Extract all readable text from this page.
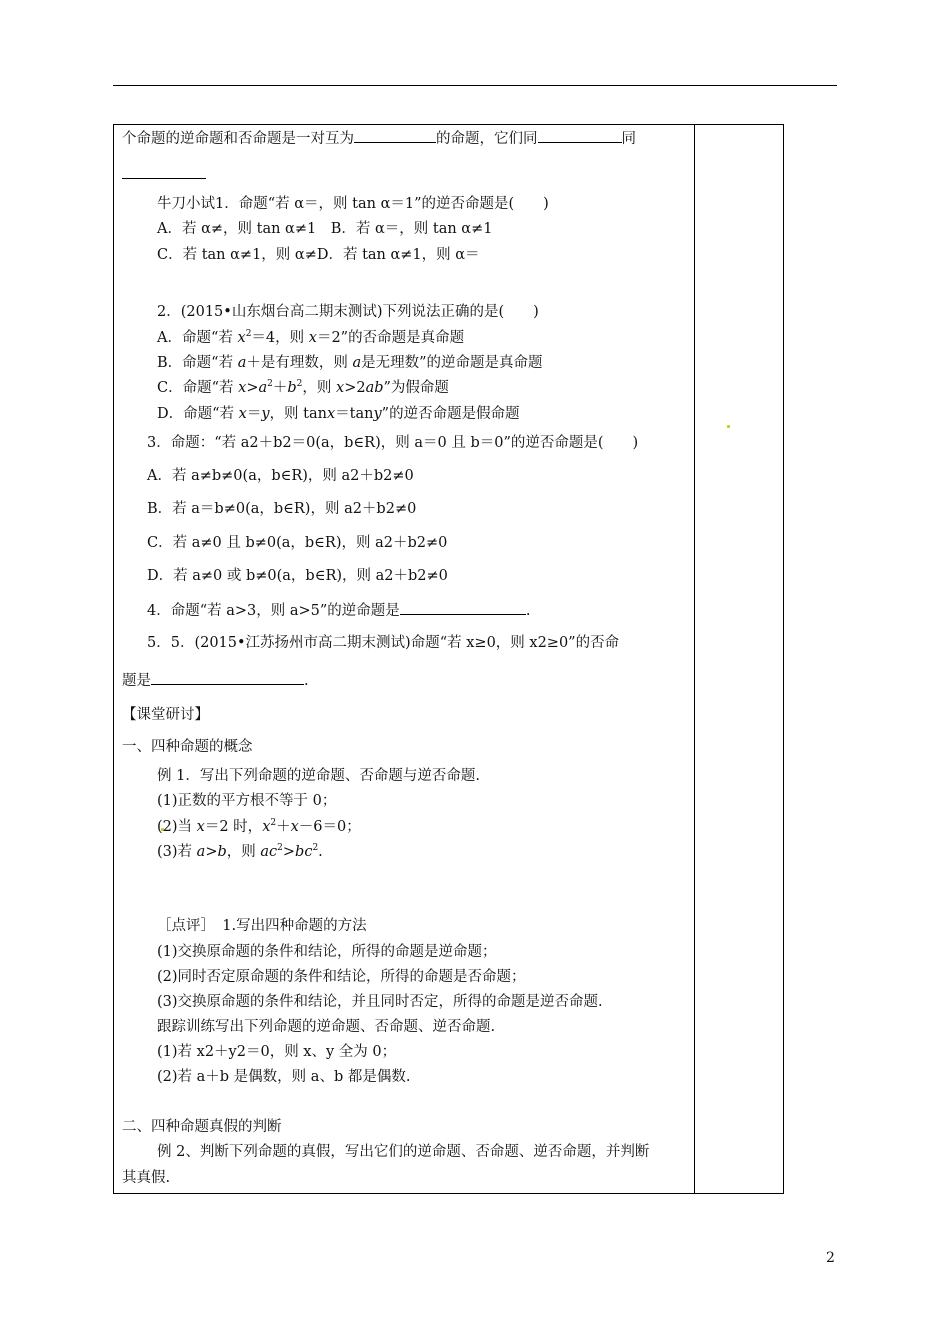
个命题的逆命题和否命题是一对互为	的命题，它们同	同
牛刀小试1．命题“若 α＝，则 tan α＝1”的逆否命题是(　　)
A．若 α≠，则 tan α≠1　B．若 α＝，则 tan α≠1
C．若 tan α≠1，则 α≠D．若 tan α≠1，则 α＝
2．(2015•山东烟台高二期末测试)下列说法正确的是(　　)
A．命题“若 $x^2=4$，则 x＝2”的否命题是真命题
B．命题“若 a＋是有理数，则 a是无理数”的逆命题是真命题
C．命题“若 $x>a^2+b^2$，则 x>2ab”为假命题
D．命题“若 x＝y，则 tanx＝tany”的逆否命题是假命题
3．命题：“若 a2＋b2＝0(a，b∈R)，则 a＝0 且 b＝0”的逆否命题是(　　)
A．若 a≠b≠0(a，b∈R)，则 a2＋b2≠0
B．若 a＝b≠0(a，b∈R)，则 a2＋b2≠0
C．若 a≠0 且 b≠0(a，b∈R)，则 a2＋b2≠0
D．若 a≠0 或 b≠0(a，b∈R)，则 a2＋b2≠0
4．命题“若 a>3，则 a>5”的逆命题是	.
5．5．(2015•江苏扬州市高二期末测试)命题“若 x≥0，则 x2≥0”的否命
题是	.
【课堂研讨】
一、四种命题的概念
例 1．写出下列命题的逆命题、否命题与逆否命题.
(1)正数的平方根不等于 0；
(2)当 x＝2 时，$x^2+x-6=0$；
(3)若 a>b，则 $ac^2>bc^2$.
［点评］　1.写出四种命题的方法
(1)交换原命题的条件和结论，所得的命题是逆命题；
(2)同时否定原命题的条件和结论，所得的命题是否命题；
(3)交换原命题的条件和结论，并且同时否定，所得的命题是逆否命题.
跟踪训练写出下列命题的逆命题、否命题、逆否命题.
(1)若 x2＋y2＝0，则 x、y 全为 0；
(2)若 a＋b 是偶数，则 a、b 都是偶数.
二、四种命题真假的判断
例 2、判断下列命题的真假，写出它们的逆命题、否命题、逆否命题，并判断
其真假.
2
